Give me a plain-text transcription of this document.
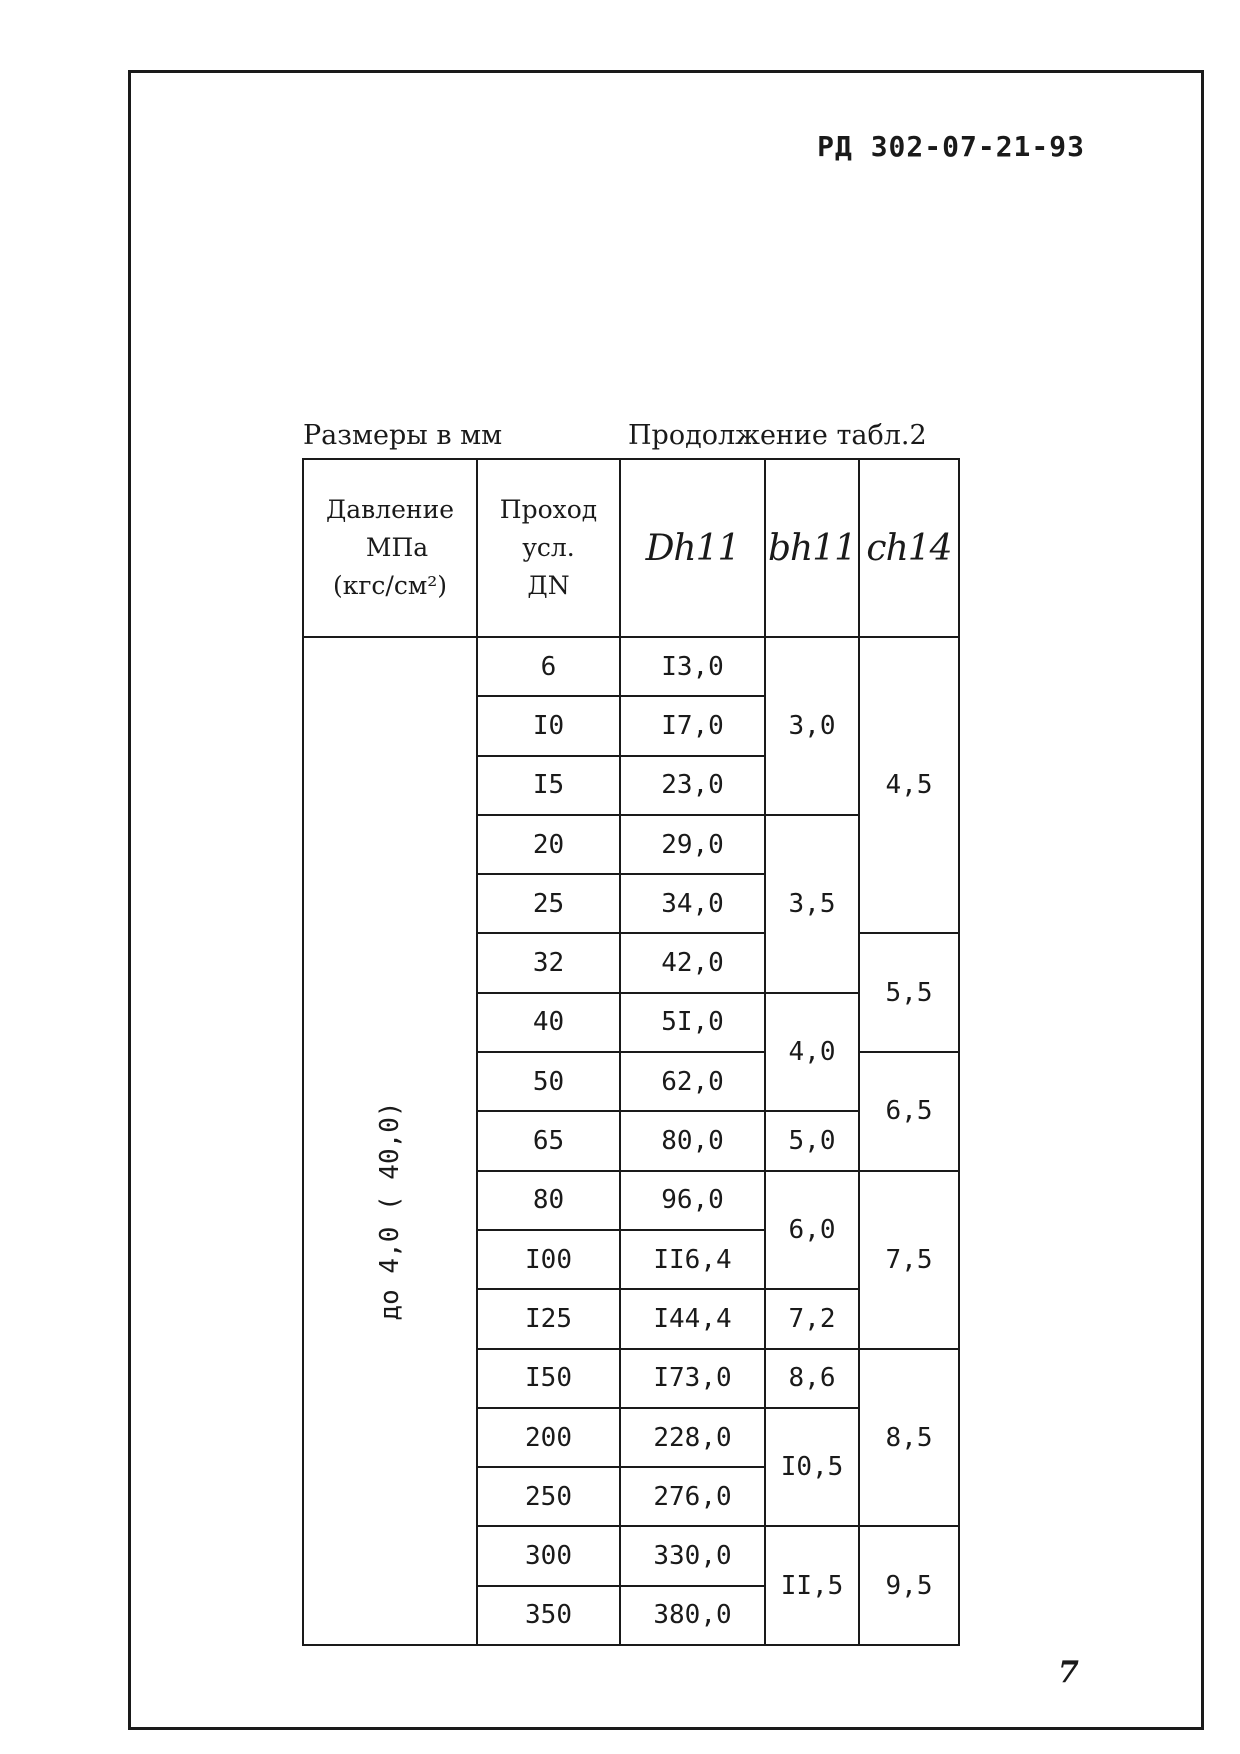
РД 302-07-21-93
Размеры в мм	Продолжение табл.2
Давление
МПа
(кгс/см²)	Проход
усл.
ДN	Dh11	bh11	ch14

до 4,0 ( 40,0)	6	I3,0	3,0	4,5
	I0	I7,0		
	I5	23,0		
	20	29,0	3,5	
	25	34,0		
	32	42,0		5,5
	40	5I,0	4,0	
	50	62,0		6,5
	65	80,0	5,0	
	80	96,0	6,0	7,5
	I00	II6,4		
	I25	I44,4	7,2	
	I50	I73,0	8,6	8,5
	200	228,0	I0,5	
	250	276,0		
	300	330,0	II,5	9,5
	350	380,0		
7
